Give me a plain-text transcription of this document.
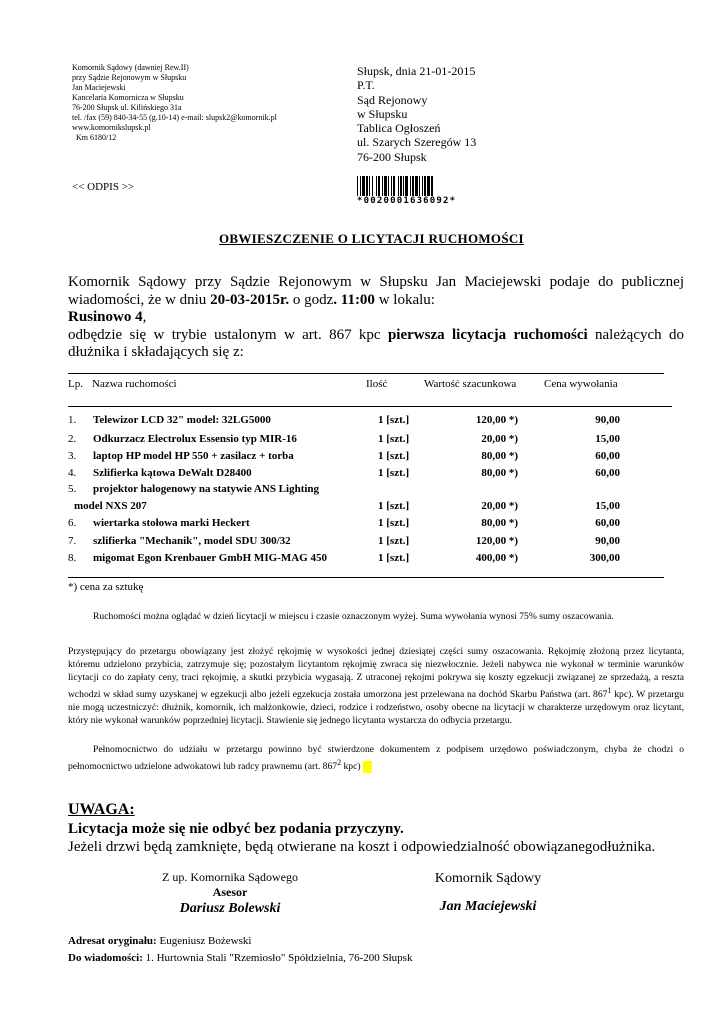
Komornik Sądowy (dawniej Rew.II)
przy Sądzie Rejonowym w Słupsku
Jan Maciejewski
Kancelaria Komornicza w Słupsku
76-200 Słupsk ul. Kilińskiego 31a
tel. /fax (59) 840-34-55 (g.10-14) e-mail: slupsk2@komornik.pl
www.komornikslupsk.pl
Km 6180/12
<< ODPIS >>
Słupsk, dnia 21-01-2015
P.T.
Sąd Rejonowy
w Słupsku
Tablica Ogłoszeń
ul. Szarych Szeregów 13
76-200 Słupsk
*0020001636092*
OBWIESZCZENIE O LICYTACJI RUCHOMOŚCI
Komornik Sądowy przy Sądzie Rejonowym w Słupsku Jan Maciejewski podaje do publicznej wiadomości, że w dniu 20-03-2015r. o godz. 11:00 w lokalu:
Rusinowo 4,
odbędzie się w trybie ustalonym w art. 867 kpc pierwsza licytacja ruchomości należących do dłużnika i składających się z:
Lp. Nazwa ruchomości	Ilość	Wartość szacunkowa	Cena wywołania
1. Telewizor LCD 32" model: 32LG5000	1 [szt.]	120,00 *)	90,00
2. Odkurzacz Electrolux Essensio typ MIR-16	1 [szt.]	20,00 *)	15,00
3. laptop HP model HP 550 + zasilacz + torba	1 [szt.]	80,00 *)	60,00
4. Szlifierka kątowa DeWalt D28400	1 [szt.]	80,00 *)	60,00
5. projektor halogenowy na statywie ANS Lighting
model NXS 207	1 [szt.]	20,00 *)	15,00
6. wiertarka stołowa marki Heckert	1 [szt.]	80,00 *)	60,00
7. szlifierka "Mechanik", model SDU 300/32	1 [szt.]	120,00 *)	90,00
8. migomat Egon Krenbauer GmbH MIG-MAG 450	1 [szt.]	400,00 *)	300,00
*) cena za sztukę
Ruchomości można oglądać w dzień licytacji w miejscu i czasie oznaczonym wyżej. Suma wywołania wynosi 75% sumy oszacowania.
Przystępujący do przetargu obowiązany jest złożyć rękojmię w wysokości jednej dziesiątej części sumy oszacowania. Rękojmię złożoną przez licytanta, któremu udzielono przybicia, zatrzymuje się; pozostałym licytantom rękojmię zwraca się niezwłocznie. Jeżeli nabywca nie wykonał w terminie warunków licytacji co do zapłaty ceny, traci rękojmię, a skutki przybicia wygasają. Z utraconej rękojmi pokrywa się koszty egzekucji związanej ze sprzedażą, a reszta wchodzi w skład sumy uzyskanej w egzekucji albo jeżeli egzekucja została umorzona jest przelewana na dochód Skarbu Państwa (art. $867^1$ kpc). W przetargu nie mogą uczestniczyć: dłużnik, komornik, ich małżonkowie, dzieci, rodzice i rodzeństwo, osoby obecne na licytacji w charakterze urzędowym oraz licytant, który nie wykonał warunków poprzedniej licytacji. Stawienie się jednego licytanta wystarcza do odbycia przetargu.
Pełnomocnictwo do udziału w przetargu powinno być stwierdzone dokumentem z podpisem urzędowo poświadczonym, chyba że chodzi o pełnomocnictwo udzielone adwokatowi lub radcy prawnemu (art. $867^2$ kpc)
UWAGA:
Licytacja może się nie odbyć bez podania przyczyny.
Jeżeli drzwi będą zamknięte, będą otwierane na koszt i odpowiedzialność obowiązanegodłużnika.
Z up. Komornika Sądowego
Asesor
Dariusz Bolewski
Komornik Sądowy
Jan Maciejewski
Adresat oryginału: Eugeniusz Bożewski
Do wiadomości: 1. Hurtownia Stali "Rzemiosło" Spółdzielnia, 76-200 Słupsk
